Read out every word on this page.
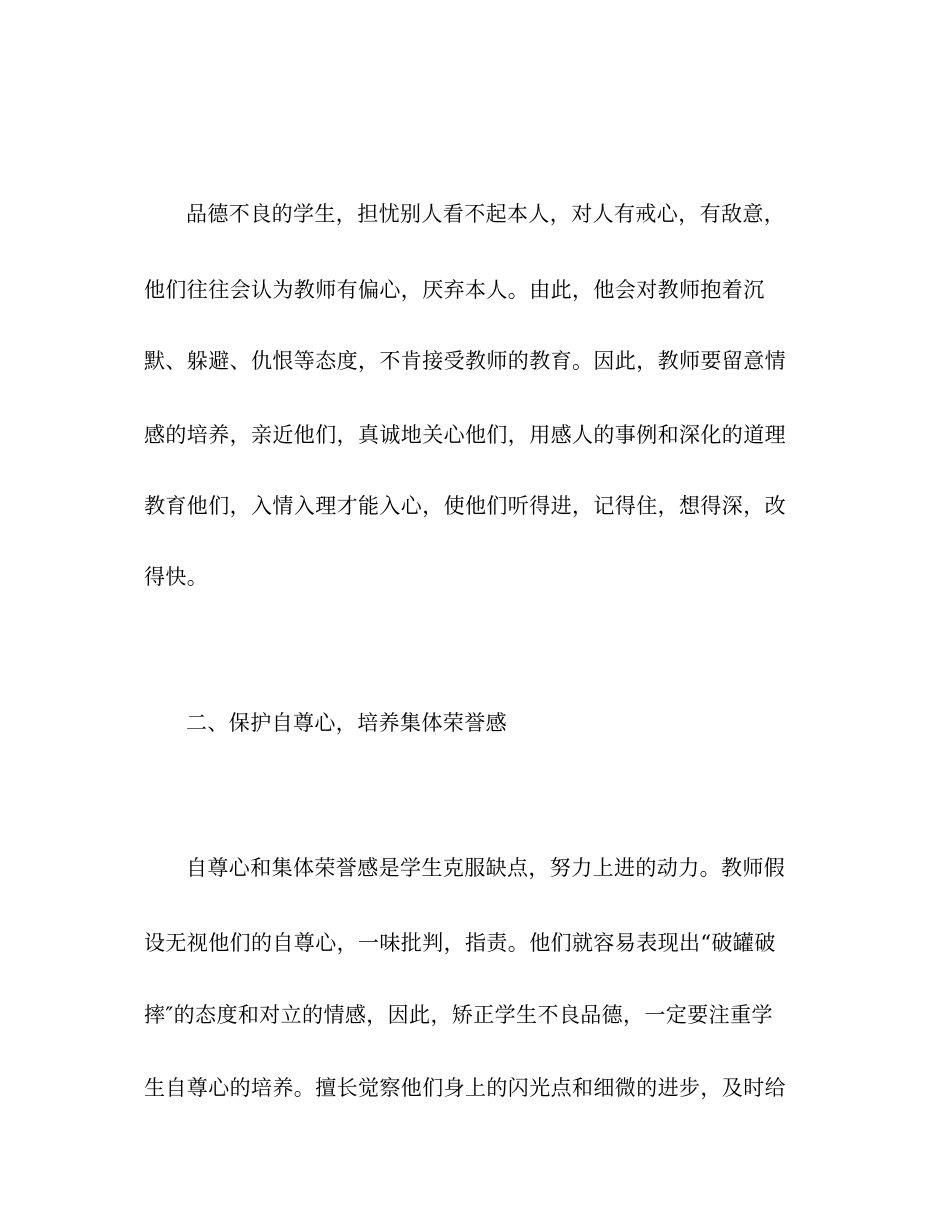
品德不良的学生，担忧别人看不起本人，对人有戒心，有敌意，
他们往往会认为教师有偏心，厌弃本人。由此，他会对教师抱着沉
默、躲避、仇恨等态度，不肯接受教师的教育。因此，教师要留意情
感的培养，亲近他们，真诚地关心他们，用感人的事例和深化的道理
教育他们，入情入理才能入心，使他们听得进，记得住，想得深，改
得快。
二、保护自尊心，培养集体荣誉感
自尊心和集体荣誉感是学生克服缺点，努力上进的动力。教师假
设无视他们的自尊心，一味批判，指责。他们就容易表现出“破罐破
摔″的态度和对立的情感，因此，矫正学生不良品德，一定要注重学
生自尊心的培养。擅长觉察他们身上的闪光点和细微的进步，及时给
